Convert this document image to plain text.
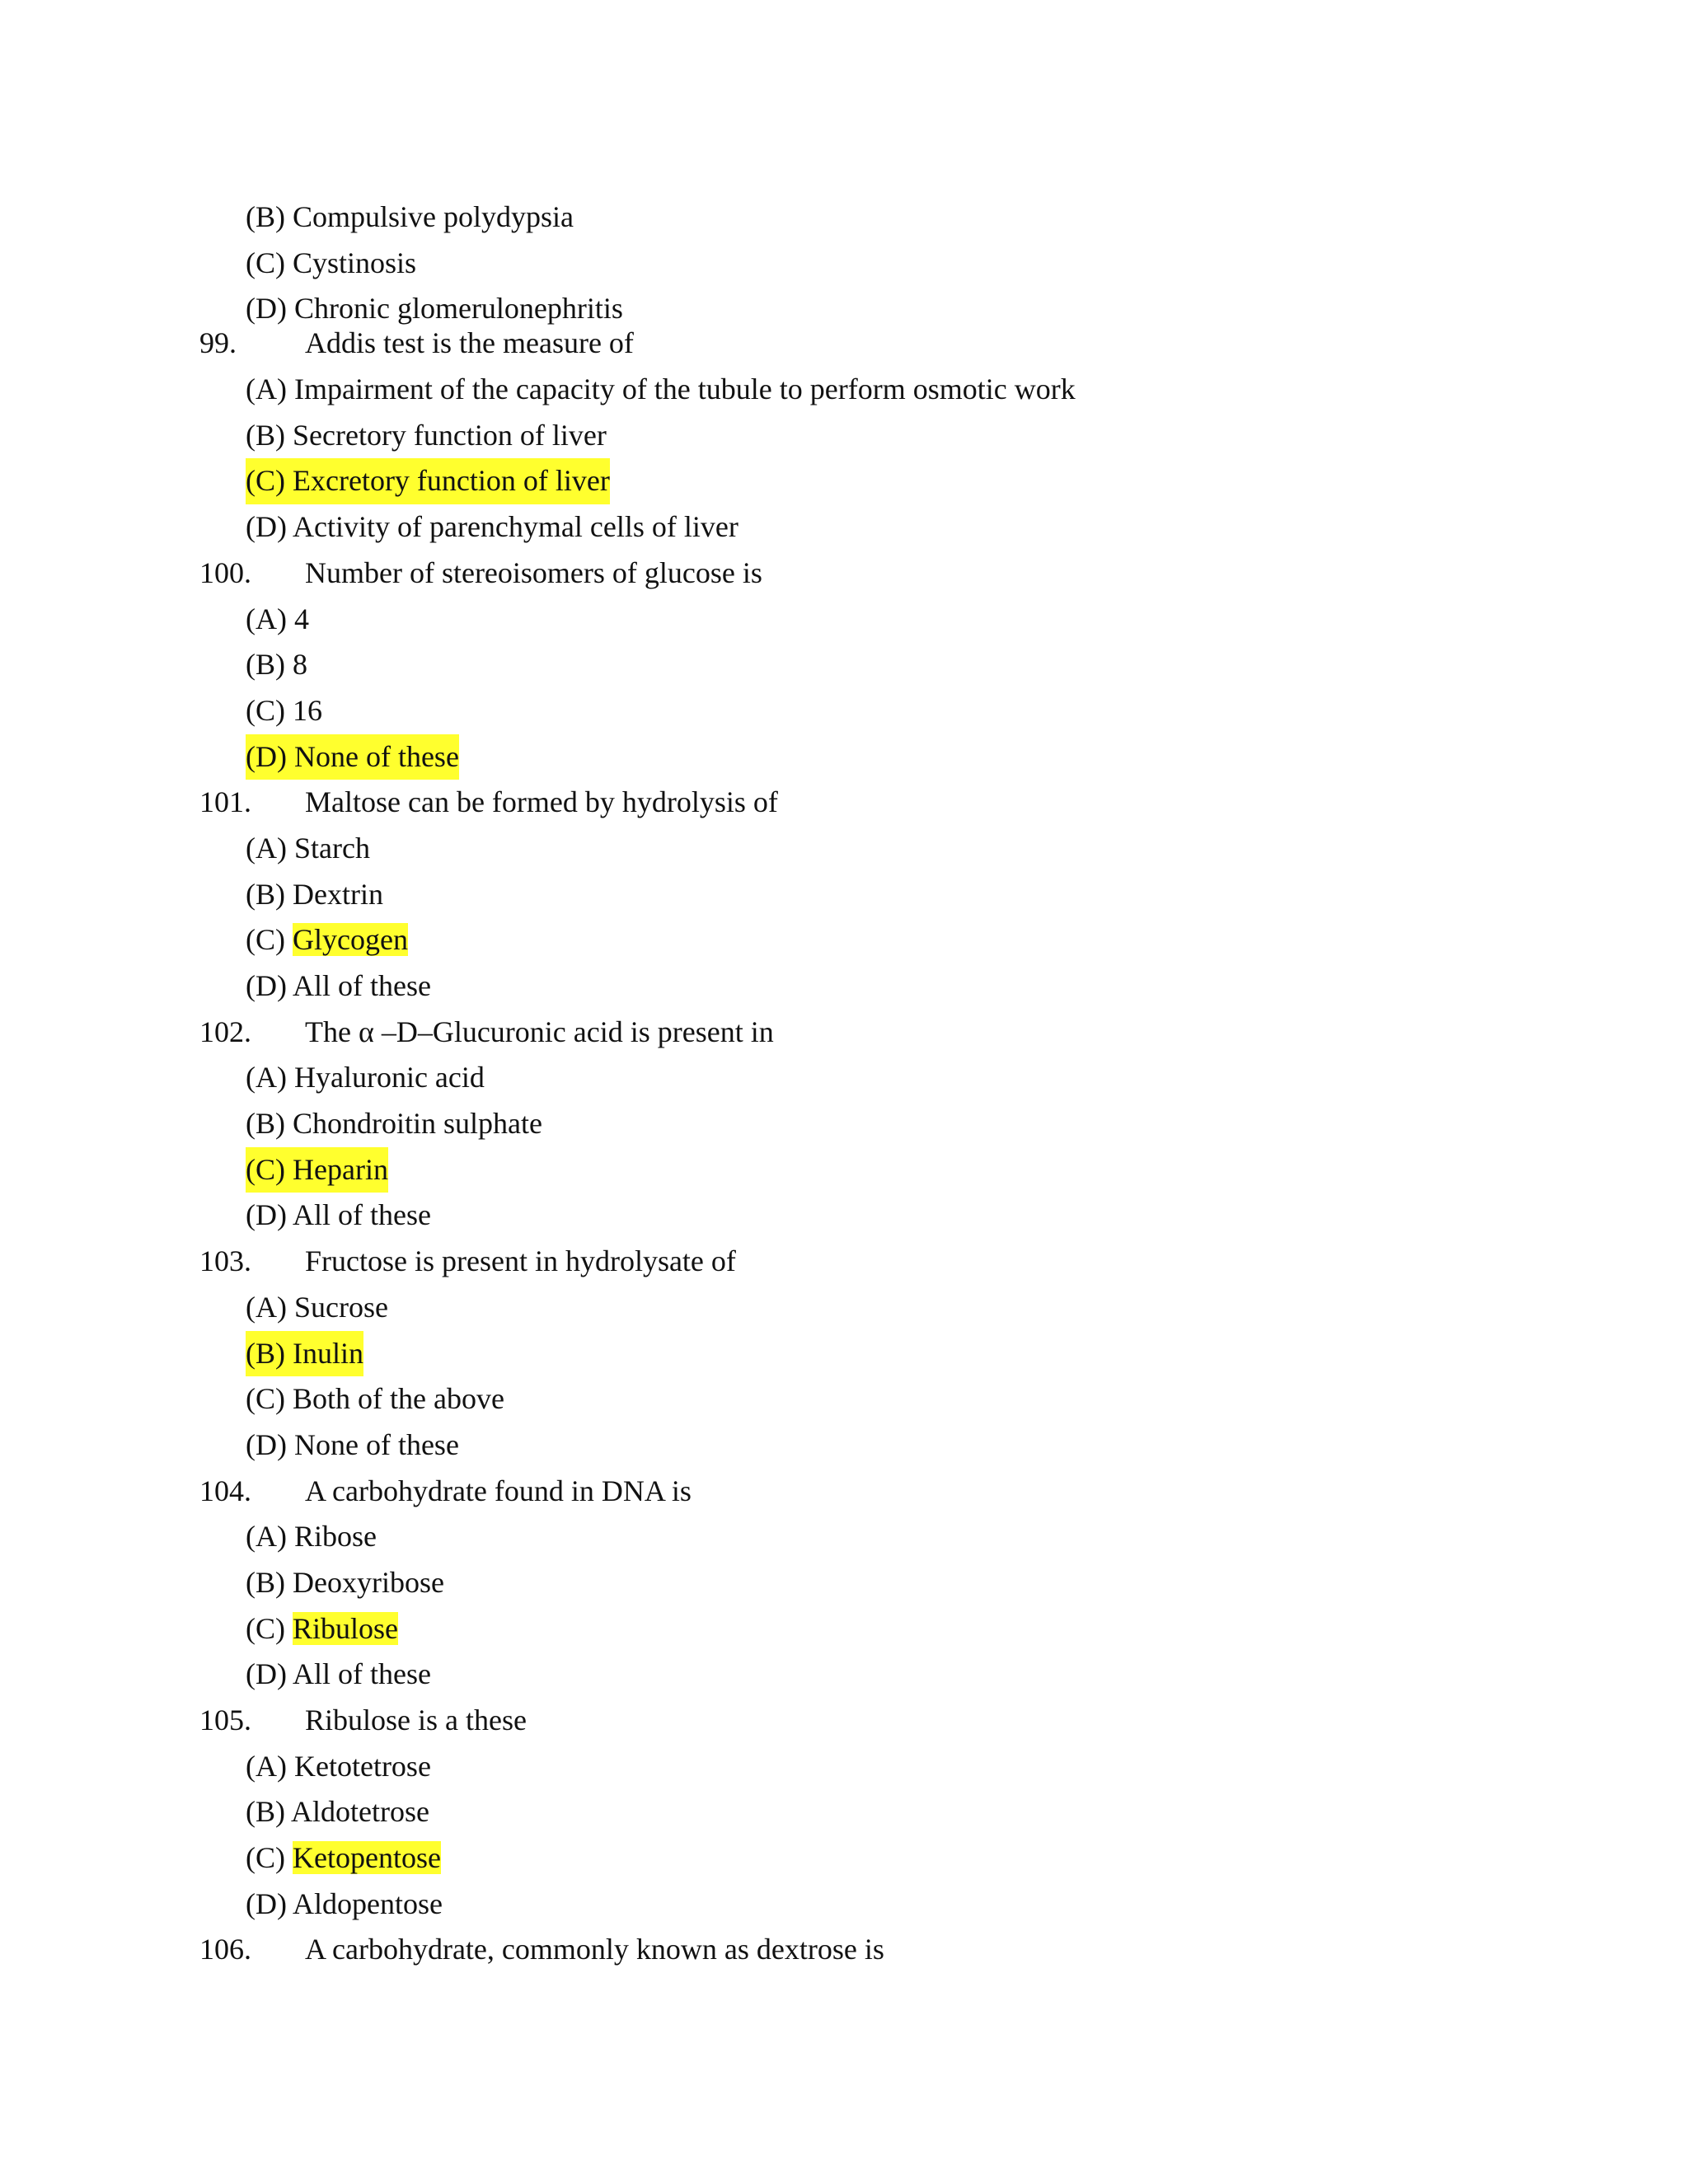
(B) Compulsive polydypsia
(C) Cystinosis
(D) Chronic glomerulonephritis
99. Addis test is the measure of
(A) Impairment of the capacity of the tubule to perform osmotic work
(B) Secretory function of liver
(C) Excretory function of liver
(D) Activity of parenchymal cells of liver
100. Number of stereoisomers of glucose is
(A) 4
(B) 8
(C) 16
(D) None of these
101. Maltose can be formed by hydrolysis of
(A) Starch
(B) Dextrin
(C) Glycogen
(D) All of these
102. The α –D–Glucuronic acid is present in
(A) Hyaluronic acid
(B) Chondroitin sulphate
(C) Heparin
(D) All of these
103. Fructose is present in hydrolysate of
(A) Sucrose
(B) Inulin
(C) Both of the above
(D) None of these
104. A carbohydrate found in DNA is
(A) Ribose
(B) Deoxyribose
(C) Ribulose
(D) All of these
105. Ribulose is a these
(A) Ketotetrose
(B) Aldotetrose
(C) Ketopentose
(D) Aldopentose
106. A carbohydrate, commonly known as dextrose is
